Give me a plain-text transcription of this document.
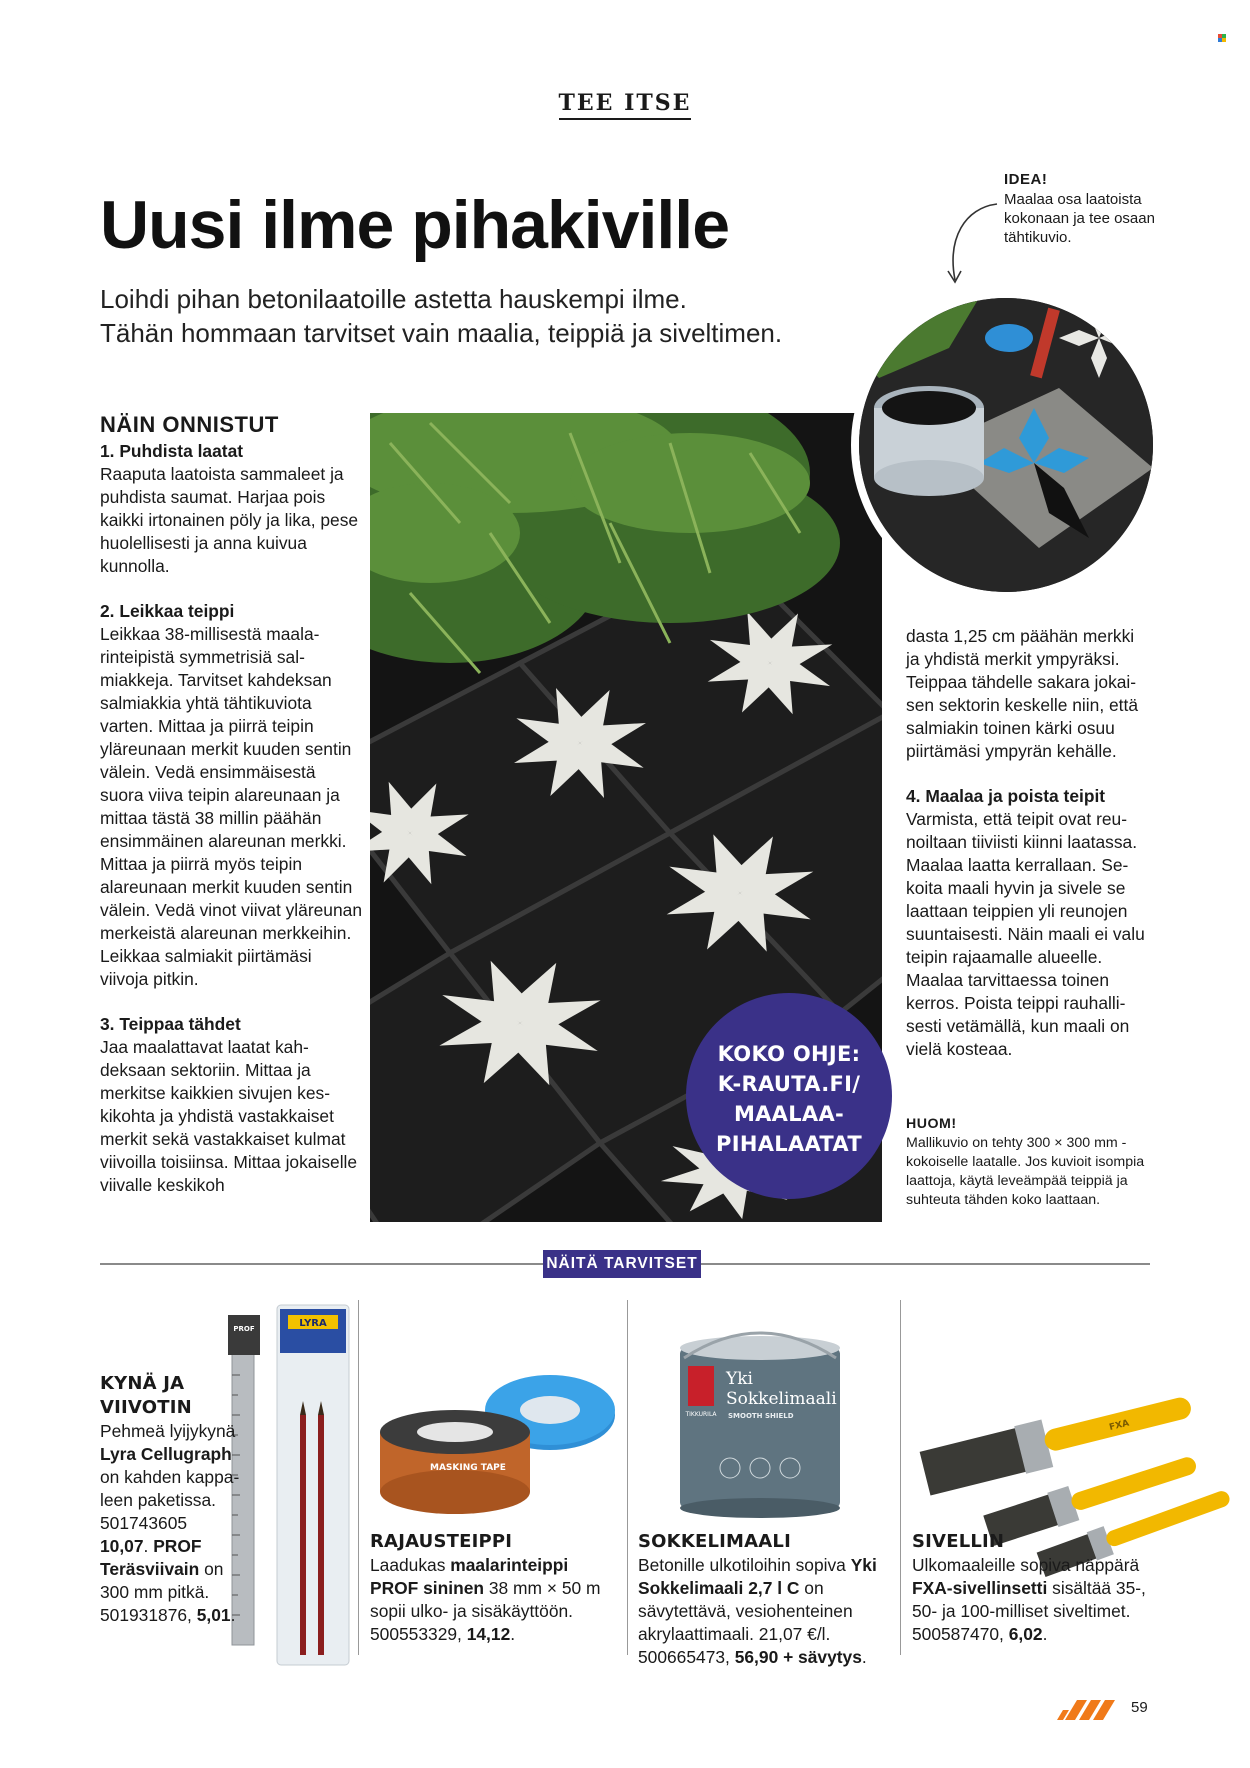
TEE ITSE
Uusi ilme pihakiville
Loihdi pihan betonilaatoille astetta hauskempi ilme.
Tähän hommaan tarvitset vain maalia, teippiä ja siveltimen.
IDEA!
Maalaa osa laatoista kokonaan ja tee osaan tähtikuvio.
NÄIN ONNISTUT
1. Puhdista laatat
Raaputa laatoista sammaleet ja puhdista saumat. Harjaa pois kaikki irtonainen pöly ja lika, pese huolellisesti ja anna kuivua kunnolla.
2. Leikkaa teippi
Leikkaa 38-millisestä maalarinteipistä symmetrisiä salmiakkeja. Tarvitset kahdeksan salmiakkia yhtä tähtikuviota varten. Mittaa ja piirrä teipin yläreunaan merkit kuuden sentin välein. Vedä ensimmäisestä suora viiva teipin alareunaan ja mittaa tästä 38 millin päähän ensimmäinen alareunan merkki. Mittaa ja piirrä myös teipin alareunaan merkit kuuden sentin välein. Vedä vinot viivat yläreunan merkeistä alareunan merkkeihin. Leikkaa salmiakit piirtämäsi viivoja pitkin.
3. Teippaa tähdet
Jaa maalattavat laatat kahdeksaan sektoriin. Mittaa ja merkitse kaikkien sivujen keskikohta ja yhdistä vastakkaiset merkit sekä vastakkaiset kulmat viivoilla toisiinsa. Mittaa jokaiselle viivalle keskikoh
KOKO OHJE:
K-RAUTA.FI/
MAALAA-
PIHALAATAT
dasta 1,25 cm päähän merkki ja yhdistä merkit ympyräksi. Teippaa tähdelle sakara jokaisen sektorin keskelle niin, että salmiakin toinen kärki osuu piirtämäsi ympyrän kehälle.
4. Maalaa ja poista teipit
Varmista, että teipit ovat reunoiltaan tiiviisti kiinni laatassa. Maalaa laatta kerrallaan. Sekoita maali hyvin ja sivele se laattaan teippien yli reunojen suuntaisesti. Näin maali ei valu teipin rajaamalle alueelle. Maalaa tarvittaessa toinen kerros. Poista teippi rauhallisesti vetämällä, kun maali on vielä kosteaa.
HUOM!
Mallikuvio on tehty 300 × 300 mm -kokoiselle laatalle. Jos kuvioit isompia laattoja, käytä leveämpää teippiä ja suhteuta tähden koko laattaan.
NÄITÄ TARVITSET
LYRA
PROF
KYNÄ JA
VIIVOTIN
Pehmeä lyijykynä Lyra Cellugraph on kahden kappaleen paketissa. 501743605 10,07. PROF Teräsviivain on 300 mm pitkä. 501931876, 5,01.
MASKING TAPE
RAJAUSTEIPPI
Laadukas maalarinteippi PROF sininen 38 mm × 50 m sopii ulko- ja sisäkäyttöön. 500553329, 14,12.
TIKKURILA
Yki
Sokkelimaali
SMOOTH SHIELD
SOKKELIMAALI
Betonille ulkotiloihin sopiva Yki Sokkelimaali 2,7 l C on sävytettävä, vesiohenteinen akrylaattimaali. 21,07 €/l. 500665473, 56,90 + sävytys.
FXA
SIVELLIN
Ulkomaaleille sopiva näppärä FXA-sivellinsetti sisältää 35-, 50- ja 100-milliset siveltimet. 500587470, 6,02.
59
